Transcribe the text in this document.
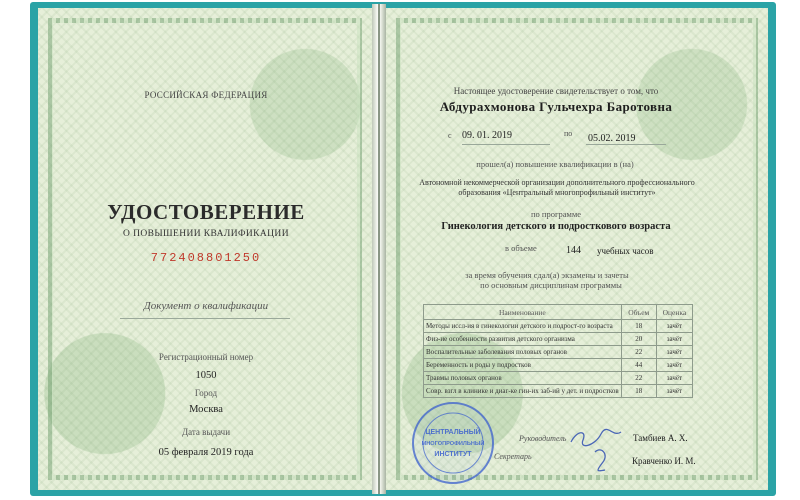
РОССИЙСКАЯ ФЕДЕРАЦИЯ
УДОСТОВЕРЕНИЕ
О ПОВЫШЕНИИ КВАЛИФИКАЦИИ
772408801250
Документ о квалификации
Регистрационный номер
1050
Город
Москва
Дата выдачи
05 февраля 2019 года
Настоящее удостоверение свидетельствует о том, что
Абдурахмонова Гульчехра Баротовна
с 09. 01. 2019	по 05.02. 2019
прошел(а) повышение квалификации в (на)
Автономной некоммерческой организации дополнительного профессионального
образования «Центральный многопрофильный институт»
по программе
Гинекология детского и подросткового возраста
в объеме	144 учебных часов
за время обучения сдал(а) экзамены и зачеты
по основным дисциплинам программы
Наименование	Объем	Оценка
Методы иссл-ия в гинекологии детского и подрост-го возраста	18	зачёт
Физ-ие особенности развития детского организма	20	зачёт
Воспалительные заболевания половых органов	22	зачёт
Беременность и роды у подростков	44	зачёт
Травмы половых органов	22	зачёт
Совр. взгл в клинике и диаг-ке гин-их заб-ий у дет. и подростков	18	зачёт
Руководитель
Секретарь
Тамбиев А. Х.
Кравченко И. М.
ЦЕНТРАЛЬНЫЙ
МНОГОПРОФИЛЬНЫЙ
ИНСТИТУТ
